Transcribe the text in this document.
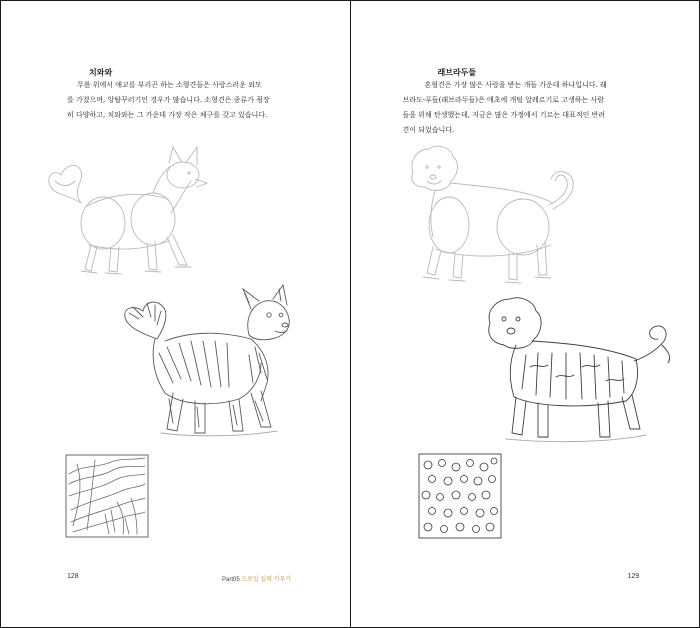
치와와
무릎 위에서 애교를 부리곤 하는 소형견들은 사랑스러운 외모
를 가졌으며, 앙탈꾸러기인 경우가 많습니다. 소형견은 종류가 굉장
히 다양하고, 치와와는 그 가운데 가장 작은 체구를 갖고 있습니다.
128	Part05 드로잉 실력 키우기
래브라두들
혼혈견은 가장 많은 사랑을 받는 개들 가운데 하나입니다. 래
브라도-푸들(래브라두들)은 애초에 개털 알레르기로 고생하는 사람
들을 위해 탄생했는데, 지금은 많은 가정에서 기르는 대표적인 반려
견이 되었습니다.
129
